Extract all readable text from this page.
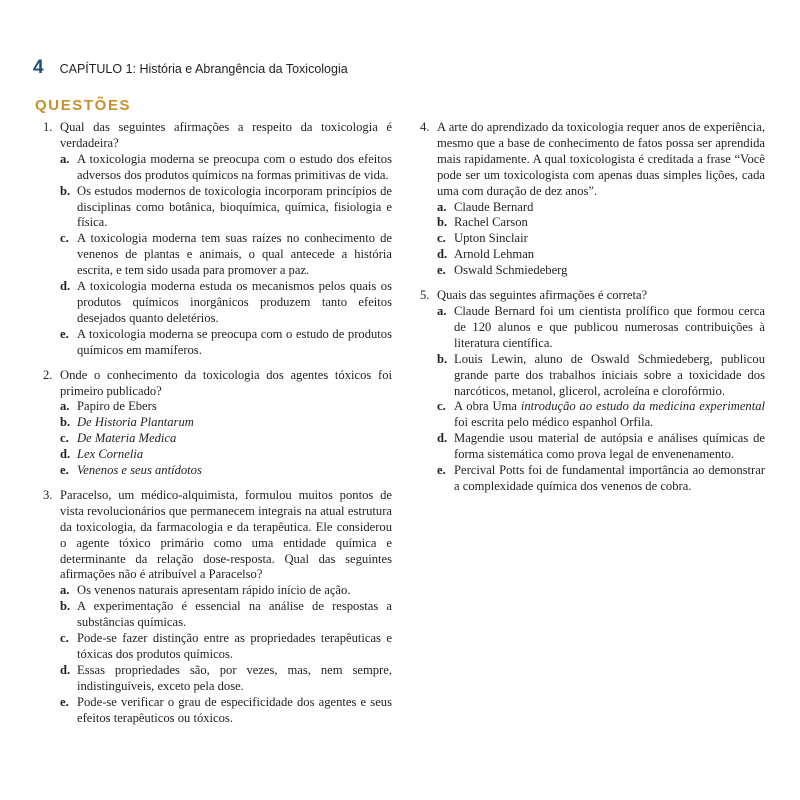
4 CAPÍTULO 1: História e Abrangência da Toxicologia
QUESTÕES
1. Qual das seguintes afirmações a respeito da toxicologia é verdadeira?
a. A toxicologia moderna se preocupa com o estudo dos efeitos adversos dos produtos químicos na formas primitivas de vida.
b. Os estudos modernos de toxicologia incorporam princípios de disciplinas como botânica, bioquímica, química, fisiologia e física.
c. A toxicologia moderna tem suas raízes no conhecimento de venenos de plantas e animais, o qual antecede a história escrita, e tem sido usada para promover a paz.
d. A toxicologia moderna estuda os mecanismos pelos quais os produtos químicos inorgânicos produzem tanto efeitos desejados quanto deletérios.
e. A toxicologia moderna se preocupa com o estudo de produtos químicos em mamíferos.
2. Onde o conhecimento da toxicologia dos agentes tóxicos foi primeiro publicado?
a. Papiro de Ebers
b. De Historia Plantarum
c. De Materia Medica
d. Lex Cornelia
e. Venenos e seus antídotos
3. Paracelso, um médico-alquimista, formulou muitos pontos de vista revolucionários que permanecem integrais na atual estrutura da toxicologia, da farmacologia e da terapêutica. Ele considerou o agente tóxico primário como uma entidade química e determinante da relação dose-resposta. Qual das seguintes afirmações não é atribuível a Paracelso?
a. Os venenos naturais apresentam rápido início de ação.
b. A experimentação é essencial na análise de respostas a substâncias químicas.
c. Pode-se fazer distinção entre as propriedades terapêuticas e tóxicas dos produtos químicos.
d. Essas propriedades são, por vezes, mas, nem sempre, indistinguíveis, exceto pela dose.
e. Pode-se verificar o grau de especificidade dos agentes e seus efeitos terapêuticos ou tóxicos.
4. A arte do aprendizado da toxicologia requer anos de experiência, mesmo que a base de conhecimento de fatos possa ser aprendida mais rapidamente. A qual toxicologista é creditada a frase “Você pode ser um toxicologista com apenas duas simples lições, cada uma com duração de dez anos”.
a. Claude Bernard
b. Rachel Carson
c. Upton Sinclair
d. Arnold Lehman
e. Oswald Schmiedeberg
5. Quais das seguintes afirmações é correta?
a. Claude Bernard foi um cientista prolífico que formou cerca de 120 alunos e que publicou numerosas contribuições à literatura científica.
b. Louis Lewin, aluno de Oswald Schmiedeberg, publicou grande parte dos trabalhos iniciais sobre a toxicidade dos narcóticos, metanol, glicerol, acroleína e clorofórmio.
c. A obra Uma introdução ao estudo da medicina experimental foi escrita pelo médico espanhol Orfila.
d. Magendie usou material de autópsia e análises químicas de forma sistemática como prova legal de envenenamento.
e. Percival Potts foi de fundamental importância ao demonstrar a complexidade química dos venenos de cobra.
